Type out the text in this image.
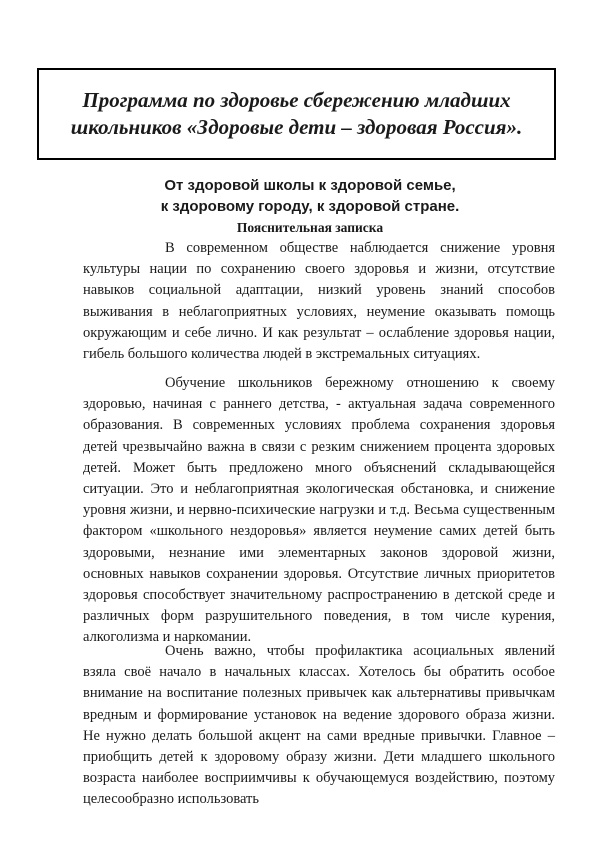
Программа по здоровье сбережению младших школьников «Здоровые дети – здоровая Россия».
От здоровой школы к здоровой семье,
к здоровому городу, к здоровой стране.
Пояснительная записка

В современном обществе наблюдается снижение уровня культуры нации по сохранению своего здоровья и жизни, отсутствие навыков социальной адаптации, низкий уровень знаний способов выживания в неблагоприятных условиях, неумение оказывать помощь окружающим и себе лично. И как результат – ослабление здоровья нации, гибель большого количества людей в экстремальных ситуациях.

Обучение школьников бережному отношению к своему здоровью, начиная с раннего детства, - актуальная задача современного образования. В современных условиях проблема сохранения здоровья детей чрезвычайно важна в связи с резким снижением процента здоровых детей. Может быть предложено много объяснений складывающейся ситуации. Это и неблагоприятная экологическая обстановка, и снижение уровня жизни, и нервно-психические нагрузки и т.д. Весьма существенным фактором «школьного нездоровья» является неумение самих детей быть здоровыми, незнание ими элементарных законов здоровой жизни, основных навыков сохранении здоровья. Отсутствие личных приоритетов здоровья способствует значительному распространению в детской среде и различных форм разрушительного поведения, в том числе курения, алкоголизма и наркомании.

Очень важно, чтобы профилактика асоциальных явлений взяла своё начало в начальных классах. Хотелось бы обратить особое внимание на воспитание полезных привычек как альтернативы привычкам вредным и формирование установок на ведение здорового образа жизни. Не нужно делать большой акцент на сами вредные привычки. Главное – приобщить детей к здоровому образу жизни. Дети младшего школьного возраста наиболее восприимчивы к обучающемуся воздействию, поэтому целесообразно использовать
